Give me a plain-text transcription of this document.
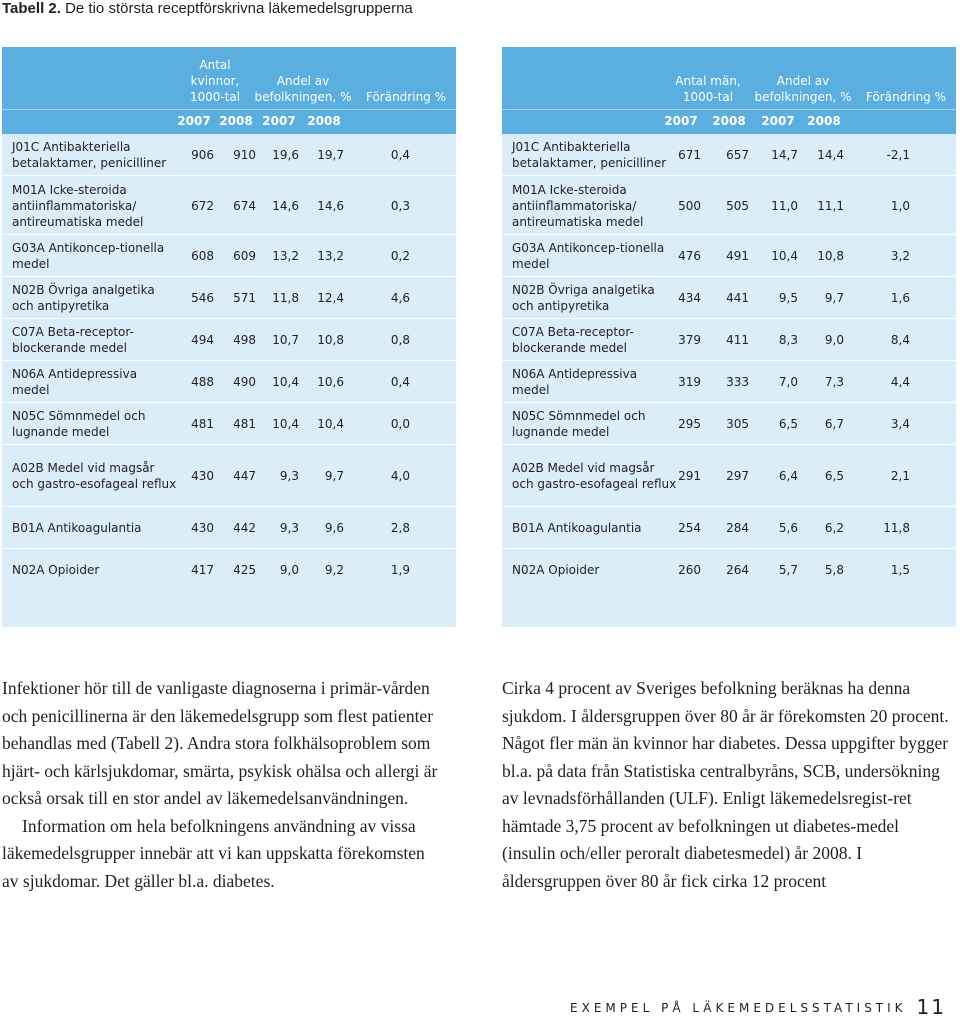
Tabell 2. De tio största receptförskrivna läkemedelsgrupperna
Antal
kvinnor,
1000-tal
Andel av
befolkningen, %	Förändring %
2007 2008 2007 2008
J01C Antibakteriella betalaktamer, penicilliner
906	910	19,6	19,7	0,4
M01A Icke-steroida antiinflammatoriska/ antireumatiska medel
672	674	14,6	14,6	0,3
G03A Antikoncep-tionella medel
608	609	13,2	13,2	0,2
N02B Övriga analgetika och antipyretika
546	571	11,8	12,4	4,6
C07A Beta-receptor-blockerande medel
494	498	10,7	10,8	0,8
N06A Antidepressiva medel
488	490	10,4	10,6	0,4
N05C Sömnmedel och lugnande medel
481	481	10,4	10,4	0,0
A02B Medel vid magsår och gastro-esofageal reflux
430	447	9,3	9,7	4,0
B01A Antikoagulantia	430	442	9,3	9,6	2,8
N02A Opioider	417	425	9,0	9,2	1,9
Antal män,
1000-tal
Andel av
befolkningen, %	Förändring %
2007 2008 2007 2008
J01C Antibakteriella betalaktamer, penicilliner
671	657	14,7	14,4	-2,1
M01A Icke-steroida antiinflammatoriska/ antireumatiska medel
500	505	11,0	11,1	1,0
G03A Antikoncep-tionella medel
476	491	10,4	10,8	3,2
N02B Övriga analgetika och antipyretika
434	441	9,5	9,7	1,6
C07A Beta-receptor-blockerande medel
379	411	8,3	9,0	8,4
N06A Antidepressiva medel
319	333	7,0	7,3	4,4
N05C Sömnmedel och lugnande medel
295	305	6,5	6,7	3,4
A02B Medel vid magsår och gastro-esofageal reflux
291	297	6,4	6,5	2,1
B01A Antikoagulantia	254	284	5,6	6,2	11,8
N02A Opioider	260	264	5,7	5,8	1,5

Infektioner hör till de vanligaste diagnoserna i primär-vården och penicillinerna är den läkemedelsgrupp som flest patienter behandlas med (Tabell 2). Andra stora folkhälsoproblem som hjärt- och kärlsjukdomar, smärta, psykisk ohälsa och allergi är också orsak till en stor andel av läkemedelsanvändningen.

Information om hela befolkningens användning av vissa läkemedelsgrupper innebär att vi kan uppskatta förekomsten av sjukdomar. Det gäller bl.a. diabetes.

Cirka 4 procent av Sveriges befolkning beräknas ha denna sjukdom. I åldersgruppen över 80 år är förekomsten 20 procent. Något fler män än kvinnor har diabetes. Dessa uppgifter bygger bl.a. på data från Statistiska centralbyråns, SCB, undersökning av levnadsförhållanden (ULF). Enligt läkemedelsregist-ret hämtade 3,75 procent av befolkningen ut diabetes-medel (insulin och/eller peroralt diabetesmedel) år 2008. I åldersgruppen över 80 år fick cirka 12 procent

EXEMPEL PÅ LÄKEMEDELSSTATISTIK 11
